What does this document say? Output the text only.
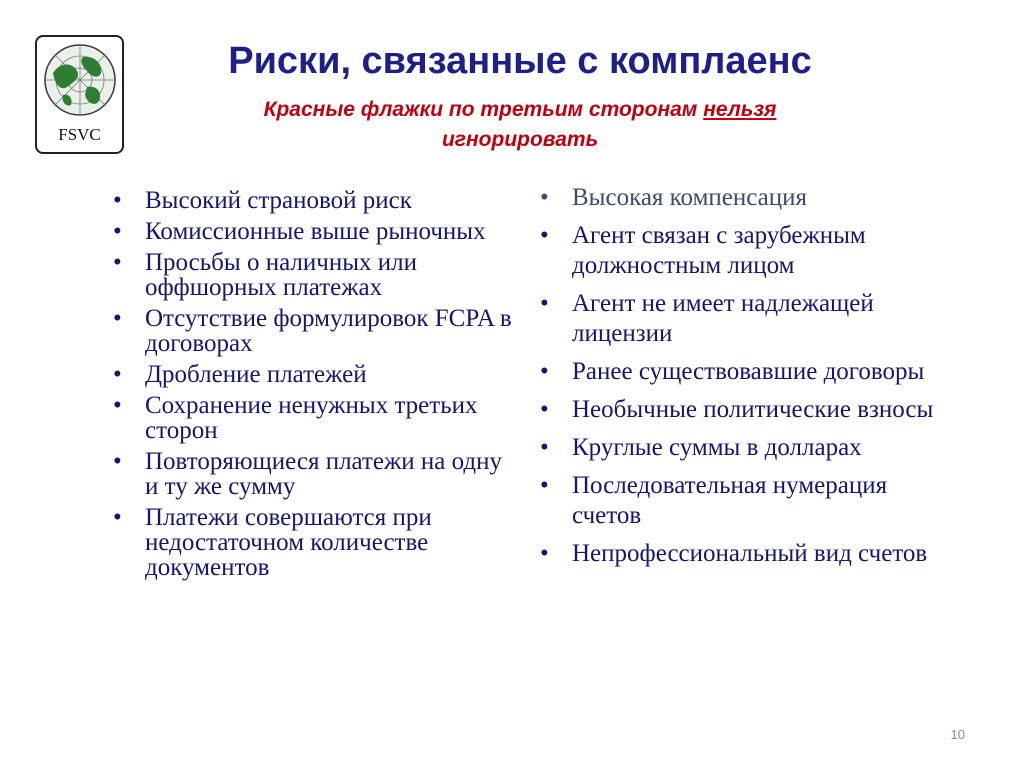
FSVC
Риски, связанные с комплаенс

Красные флажки по третьим сторонам нельзя
игнорировать

• Высокий страновой риск
• Комиссионные выше рыночных
• Просьбы о наличных или оффшорных платежах
• Отсутствие формулировок FCPA в договорах
• Дробление платежей
• Сохранение ненужных третьих сторон
• Повторяющиеся платежи на одну и ту же сумму
• Платежи совершаются при недостаточном количестве документов
• Высокая компенсация
• Агент связан с зарубежным должностным лицом
• Агент не имеет надлежащей лицензии
• Ранее существовавшие договоры
• Необычные политические взносы
• Круглые суммы в долларах
• Последовательная нумерация счетов
• Непрофессиональный вид счетов
10
